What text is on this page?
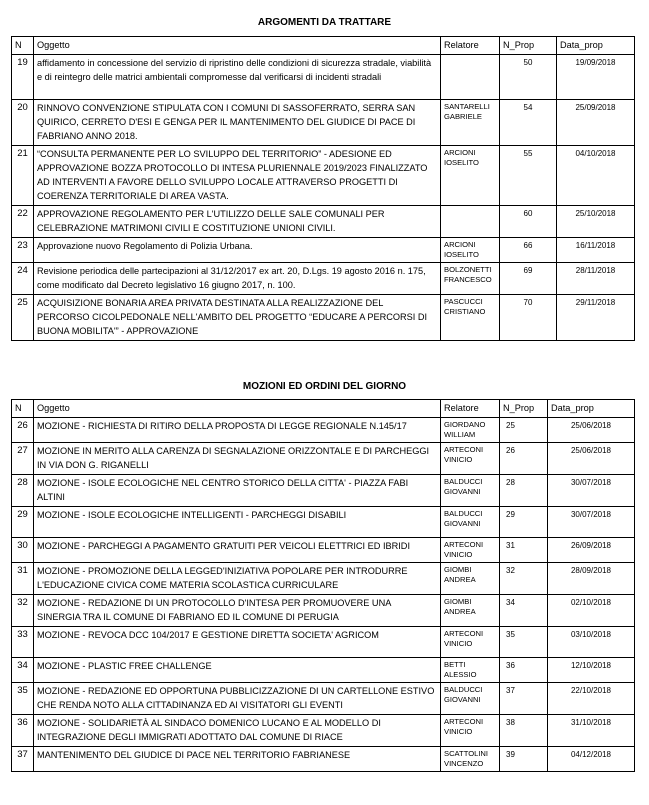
ARGOMENTI DA TRATTARE
N	Oggetto	Relatore	N_Prop	Data_prop
19	affidamento in concessione del servizio di ripristino delle condizioni di sicurezza stradale, viabilità e di reintegro delle matrici ambientali compromesse dal verificarsi di incidenti stradali		50	19/09/2018
20	RINNOVO CONVENZIONE STIPULATA CON I COMUNI DI SASSOFERRATO, SERRA SAN QUIRICO, CERRETO D'ESI E GENGA PER IL MANTENIMENTO DEL GIUDICE DI PACE DI FABRIANO ANNO 2018.	SANTARELLI GABRIELE	54	25/09/2018
21	“CONSULTA PERMANENTE PER LO SVILUPPO DEL TERRITORIO” - ADESIONE ED APPROVAZIONE BOZZA PROTOCOLLO DI INTESA PLURIENNALE 2019/2023 FINALIZZATO AD INTERVENTI A FAVORE DELLO SVILUPPO LOCALE ATTRAVERSO PROGETTI DI COERENZA TERRITORIALE DI AREA VASTA.	ARCIONI IOSELITO	55	04/10/2018
22	APPROVAZIONE REGOLAMENTO PER L'UTILIZZO DELLE SALE COMUNALI PER CELEBRAZIONE MATRIMONI CIVILI E COSTITUZIONE UNIONI CIVILI.		60	25/10/2018
23	Approvazione nuovo Regolamento di Polizia Urbana.	ARCIONI IOSELITO	66	16/11/2018
24	Revisione periodica delle partecipazioni al 31/12/2017 ex art. 20, D.Lgs. 19 agosto 2016 n. 175, come modificato dal Decreto legislativo 16 giugno 2017, n. 100.	BOLZONETTI FRANCESCO	69	28/11/2018
25	ACQUISIZIONE BONARIA AREA PRIVATA DESTINATA ALLA REALIZZAZIONE DEL PERCORSO CICOLPEDONALE NELL'AMBITO DEL PROGETTO “EDUCARE A PERCORSI DI BUONA MOBILITA'” - APPROVAZIONE	PASCUCCI CRISTIANO	70	29/11/2018
MOZIONI ED ORDINI DEL GIORNO
N	Oggetto	Relatore	N_Prop	Data_prop
26	MOZIONE - RICHIESTA DI RITIRO DELLA PROPOSTA DI LEGGE REGIONALE N.145/17	GIORDANO WILLIAM	25	25/06/2018
27	MOZIONE IN MERITO ALLA CARENZA DI SEGNALAZIONE ORIZZONTALE E DI PARCHEGGI IN VIA DON G. RIGANELLI	ARTECONI VINICIO	26	25/06/2018
28	MOZIONE - ISOLE ECOLOGICHE NEL CENTRO STORICO DELLA CITTA' - PIAZZA FABI ALTINI	BALDUCCI GIOVANNI	28	30/07/2018
29	MOZIONE - ISOLE ECOLOGICHE INTELLIGENTI - PARCHEGGI DISABILI	BALDUCCI GIOVANNI	29	30/07/2018
30	MOZIONE - PARCHEGGI A PAGAMENTO GRATUITI PER VEICOLI ELETTRICI ED IBRIDI	ARTECONI VINICIO	31	26/09/2018
31	MOZIONE - PROMOZIONE DELLA LEGGED'INIZIATIVA POPOLARE PER INTRODURRE L'EDUCAZIONE CIVICA COME MATERIA SCOLASTICA CURRICULARE	GIOMBI ANDREA	32	28/09/2018
32	MOZIONE - REDAZIONE DI UN PROTOCOLLO D'INTESA PER PROMUOVERE UNA SINERGIA TRA IL COMUNE DI FABRIANO ED IL COMUNE DI PERUGIA	GIOMBI ANDREA	34	02/10/2018
33	MOZIONE - REVOCA DCC 104/2017 E GESTIONE DIRETTA SOCIETA' AGRICOM	ARTECONI VINICIO	35	03/10/2018
34	MOZIONE - PLASTIC FREE CHALLENGE	BETTI ALESSIO	36	12/10/2018
35	MOZIONE - REDAZIONE ED OPPORTUNA PUBBLICIZZAZIONE DI UN CARTELLONE ESTIVO CHE RENDA NOTO ALLA CITTADINANZA ED AI VISITATORI GLI EVENTI	BALDUCCI GIOVANNI	37	22/10/2018
36	MOZIONE - SOLIDARIETÀ AL SINDACO DOMENICO LUCANO E AL MODELLO DI INTEGRAZIONE DEGLI IMMIGRATI ADOTTATO DAL COMUNE DI RIACE	ARTECONI VINICIO	38	31/10/2018
37	MANTENIMENTO DEL GIUDICE DI PACE NEL TERRITORIO FABRIANESE	SCATTOLINI VINCENZO	39	04/12/2018
